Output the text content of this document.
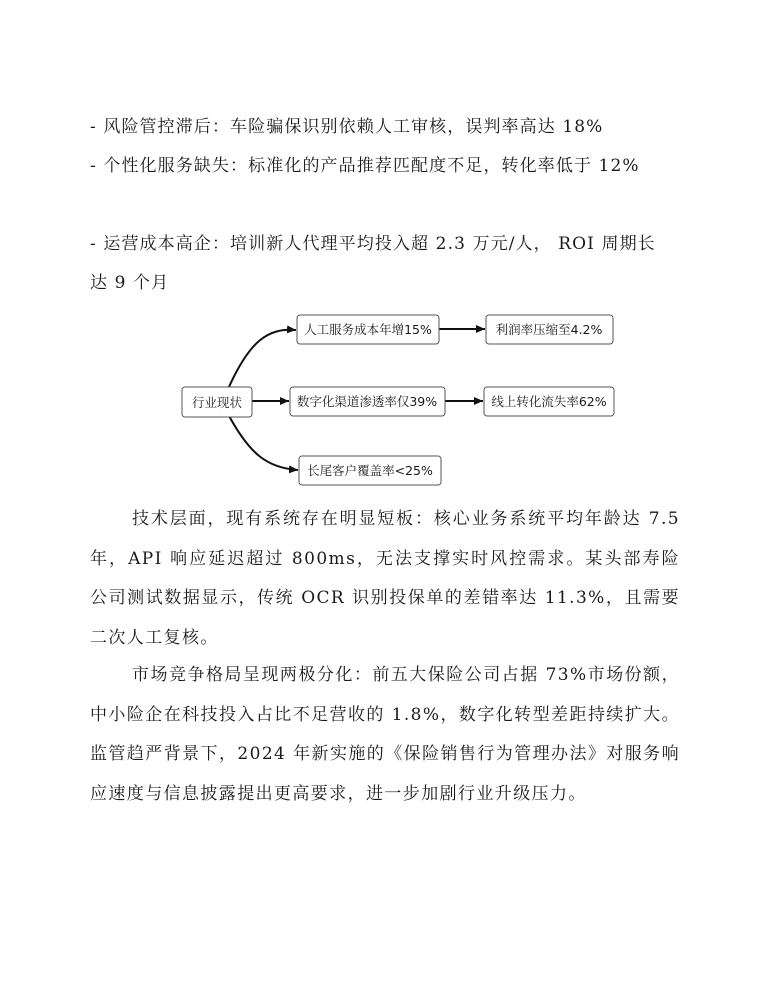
- 风险管控滞后：车险骗保识别依赖人工审核，误判率高达 18%
- 个性化服务缺失：标准化的产品推荐匹配度不足，转化率低于 12%
- 运营成本高企：培训新人代理平均投入超 2.3 万元/人， ROI 周期长达 9 个月
行业现状
人工服务成本年增15%	利润率压缩至4.2%
数字化渠道渗透率仅39%	线上转化流失率62%
长尾客户覆盖率<25%
技术层面，现有系统存在明显短板：核心业务系统平均年龄达 7.5 年，API 响应延迟超过 800ms，无法支撑实时风控需求。某头部寿险公司测试数据显示，传统 OCR 识别投保单的差错率达 11.3%，且需要二次人工复核。
市场竞争格局呈现两极分化：前五大保险公司占据 73%市场份额，中小险企在科技投入占比不足营收的 1.8%，数字化转型差距持续扩大。监管趋严背景下，2024 年新实施的《保险销售行为管理办法》对服务响应速度与信息披露提出更高要求，进一步加剧行业升级压力。
